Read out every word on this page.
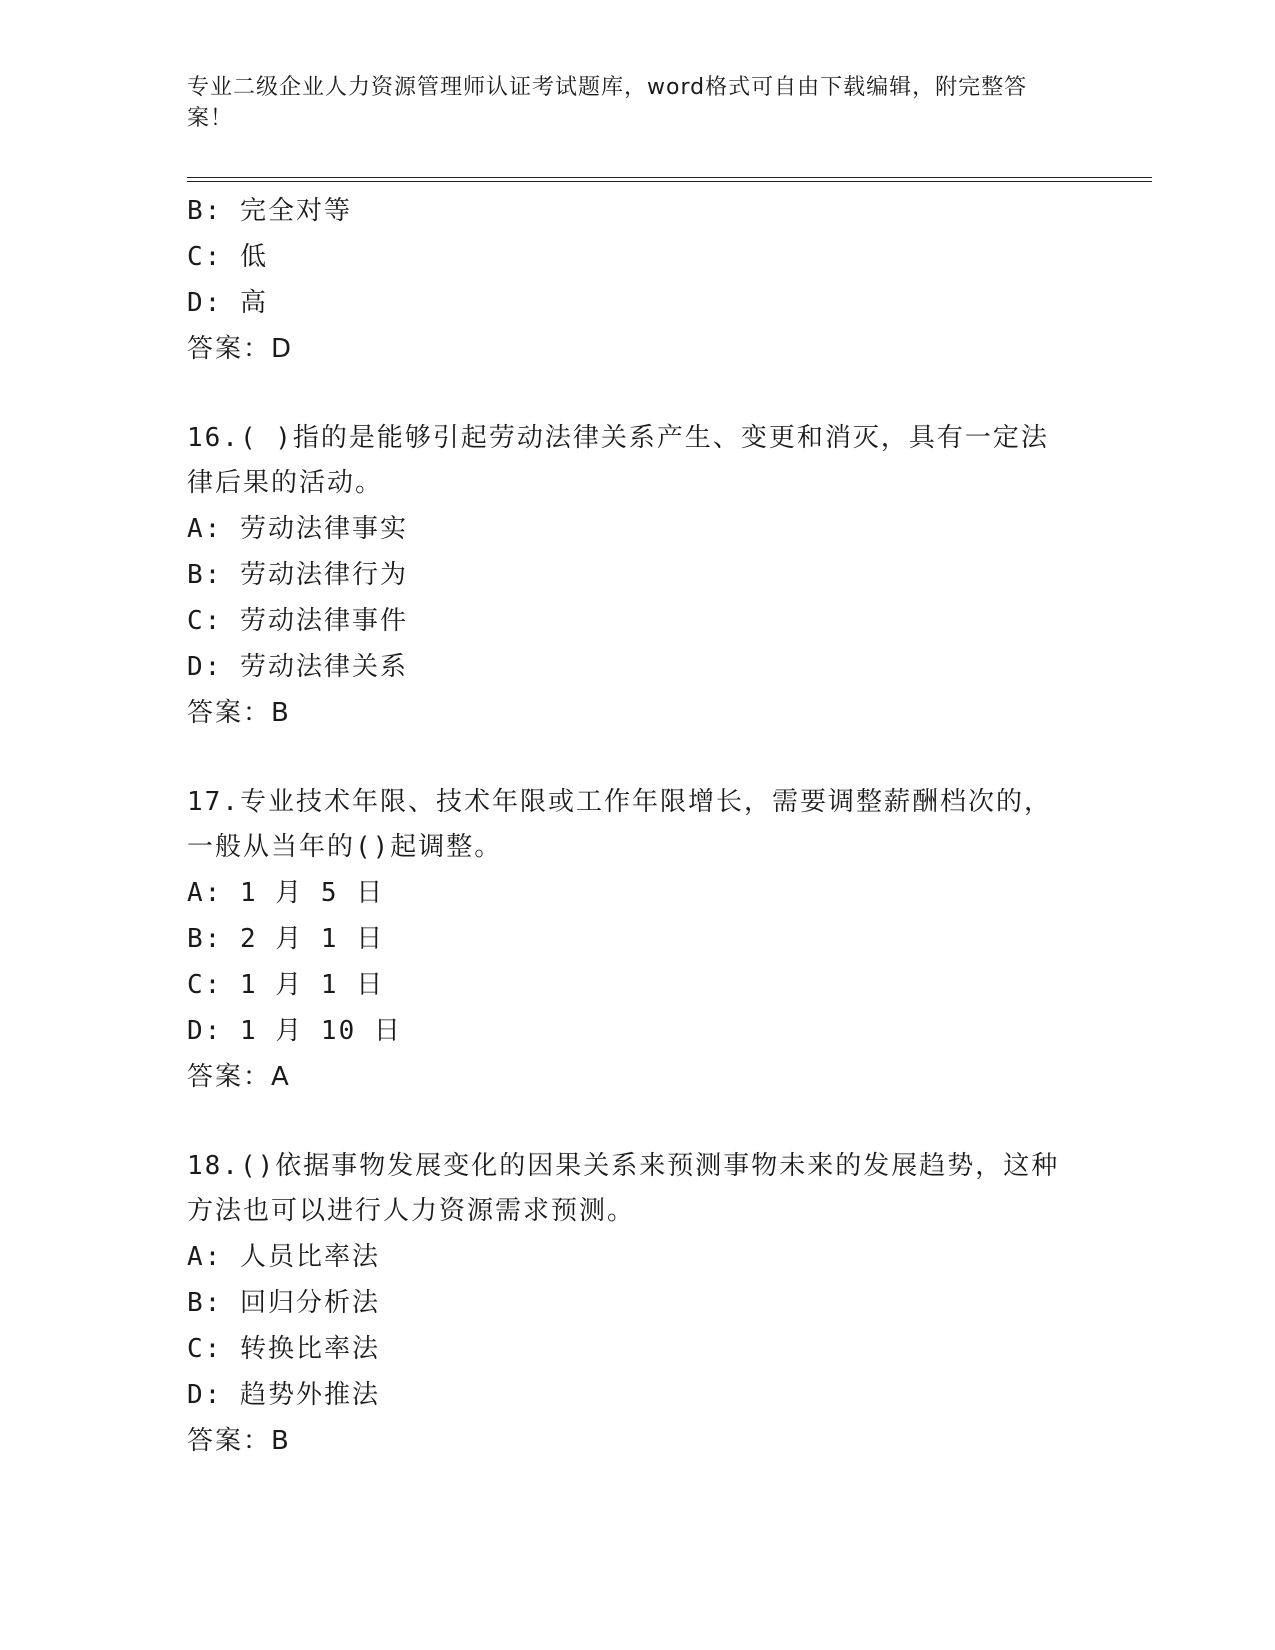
专业二级企业人力资源管理师认证考试题库，word格式可自由下载编辑，附完整答案！
B: 完全对等
C: 低
D: 高
答案：D
16.( )指的是能够引起劳动法律关系产生、变更和消灭，具有一定法律后果的活动。
A: 劳动法律事实
B: 劳动法律行为
C: 劳动法律事件
D: 劳动法律关系
答案：B
17.专业技术年限、技术年限或工作年限增长，需要调整薪酬档次的，一般从当年的()起调整。
A: 1 月 5 日
B: 2 月 1 日
C: 1 月 1 日
D: 1 月 10 日
答案：A
18.()依据事物发展变化的因果关系来预测事物未来的发展趋势，这种方法也可以进行人力资源需求预测。
A: 人员比率法
B: 回归分析法
C: 转换比率法
D: 趋势外推法
答案：B
